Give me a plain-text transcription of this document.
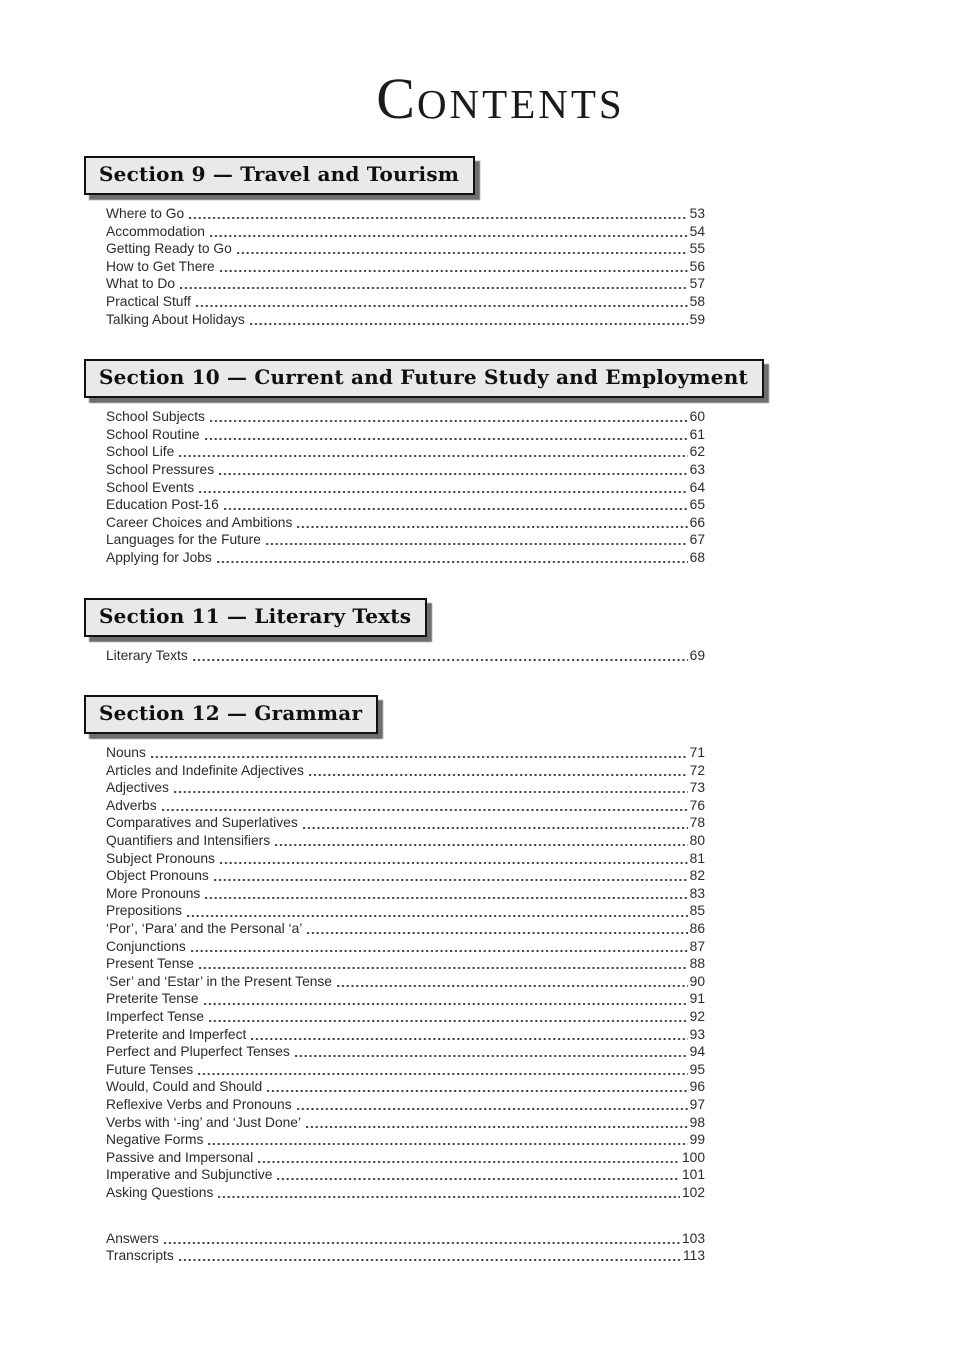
CONTENTS
Section 9 — Travel and Tourism
Where to Go	53
Accommodation	54
Getting Ready to Go	55
How to Get There	56
What to Do	57
Practical Stuff	58
Talking About Holidays	59
Section 10 — Current and Future Study and Employment
School Subjects	60
School Routine	61
School Life	62
School Pressures	63
School Events	64
Education Post-16	65
Career Choices and Ambitions	66
Languages for the Future	67
Applying for Jobs	68
Section 11 — Literary Texts
Literary Texts	69
Section 12 — Grammar
Nouns	71
Articles and Indefinite Adjectives	72
Adjectives	73
Adverbs	76
Comparatives and Superlatives	78
Quantifiers and Intensifiers	80
Subject Pronouns	81
Object Pronouns	82
More Pronouns	83
Prepositions	85
‘Por’, ‘Para’ and the Personal ‘a’	86
Conjunctions	87
Present Tense	88
‘Ser’ and ‘Estar’ in the Present Tense	90
Preterite Tense	91
Imperfect Tense	92
Preterite and Imperfect	93
Perfect and Pluperfect Tenses	94
Future Tenses	95
Would, Could and Should	96
Reflexive Verbs and Pronouns	97
Verbs with ‘-ing’ and ‘Just Done’	98
Negative Forms	99
Passive and Impersonal	100
Imperative and Subjunctive	101
Asking Questions	102
Answers	103
Transcripts	113
